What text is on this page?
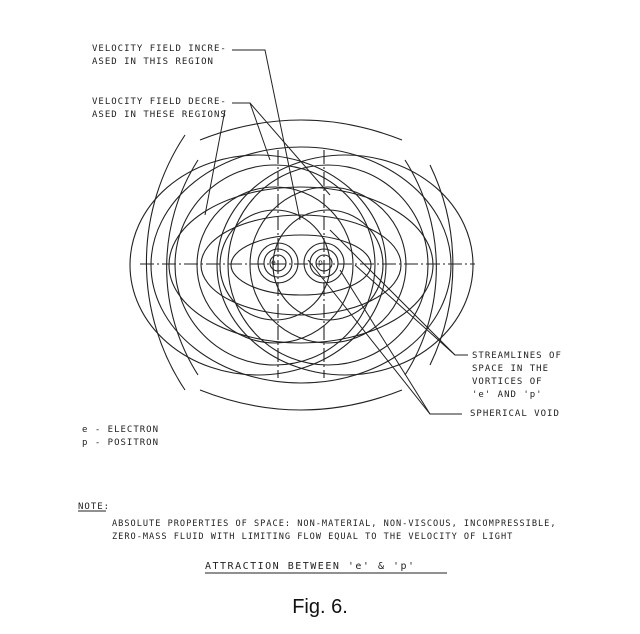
VELOCITY FIELD INCRE-
ASED IN THIS REGION
VELOCITY FIELD DECRE-
ASED IN THESE REGIONS
STREAMLINES OF
SPACE IN THE
VORTICES OF
'e' AND 'p'
SPHERICAL VOID
e	p
e - ELECTRON
p - POSITRON
NOTE:
ABSOLUTE PROPERTIES OF SPACE: NON-MATERIAL, NON-VISCOUS, INCOMPRESSIBLE,
ZERO-MASS FLUID WITH LIMITING FLOW EQUAL TO THE VELOCITY OF LIGHT
ATTRACTION BETWEEN 'e' & 'p'
Fig. 6.
